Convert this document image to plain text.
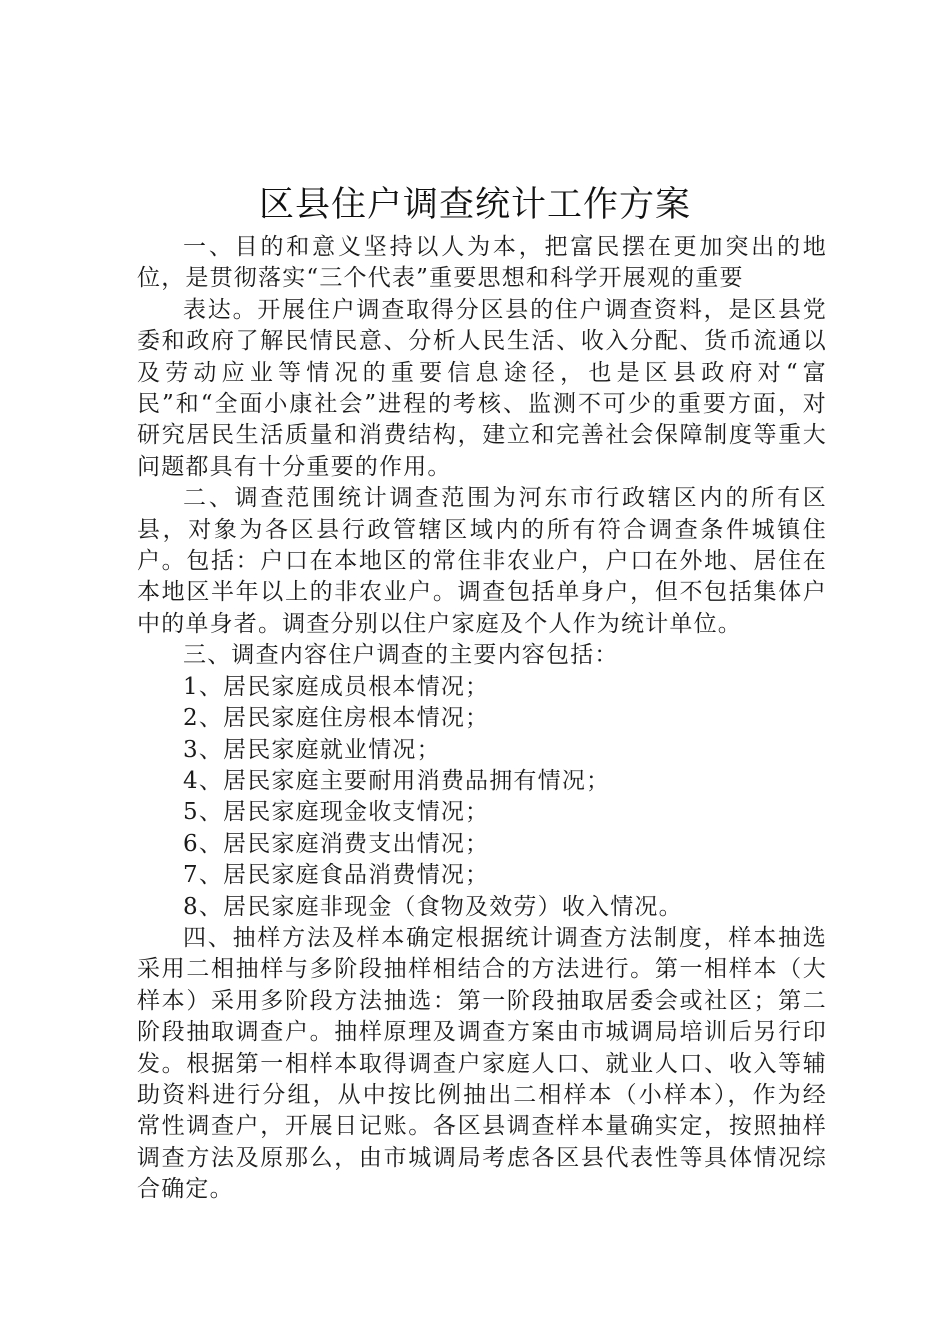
区县住户调查统计工作方案

一、目的和意义坚持以人为本，把富民摆在更加突出的地位，是贯彻落实“三个代表”重要思想和科学开展观的重要

表达。开展住户调查取得分区县的住户调查资料，是区县党委和政府了解民情民意、分析人民生活、收入分配、货币流通以及劳动应业等情况的重要信息途径，也是区县政府对“富民”和“全面小康社会”进程的考核、监测不可少的重要方面，对研究居民生活质量和消费结构，建立和完善社会保障制度等重大问题都具有十分重要的作用。

二、调查范围统计调查范围为河东市行政辖区内的所有区县，对象为各区县行政管辖区域内的所有符合调查条件城镇住户。包括：户口在本地区的常住非农业户，户口在外地、居住在本地区半年以上的非农业户。调查包括单身户，但不包括集体户中的单身者。调查分别以住户家庭及个人作为统计单位。

三、调查内容住户调查的主要内容包括：

1、居民家庭成员根本情况；

2、居民家庭住房根本情况；

3、居民家庭就业情况；

4、居民家庭主要耐用消费品拥有情况；

5、居民家庭现金收支情况；

6、居民家庭消费支出情况；

7、居民家庭食品消费情况；

8、居民家庭非现金（食物及效劳）收入情况。

四、抽样方法及样本确定根据统计调查方法制度，样本抽选采用二相抽样与多阶段抽样相结合的方法进行。第一相样本（大样本）采用多阶段方法抽选：第一阶段抽取居委会或社区；第二阶段抽取调查户。抽样原理及调查方案由市城调局培训后另行印发。根据第一相样本取得调查户家庭人口、就业人口、收入等辅助资料进行分组，从中按比例抽出二相样本（小样本），作为经常性调查户，开展日记账。各区县调查样本量确实定，按照抽样调查方法及原那么，由市城调局考虑各区县代表性等具体情况综合确定。
